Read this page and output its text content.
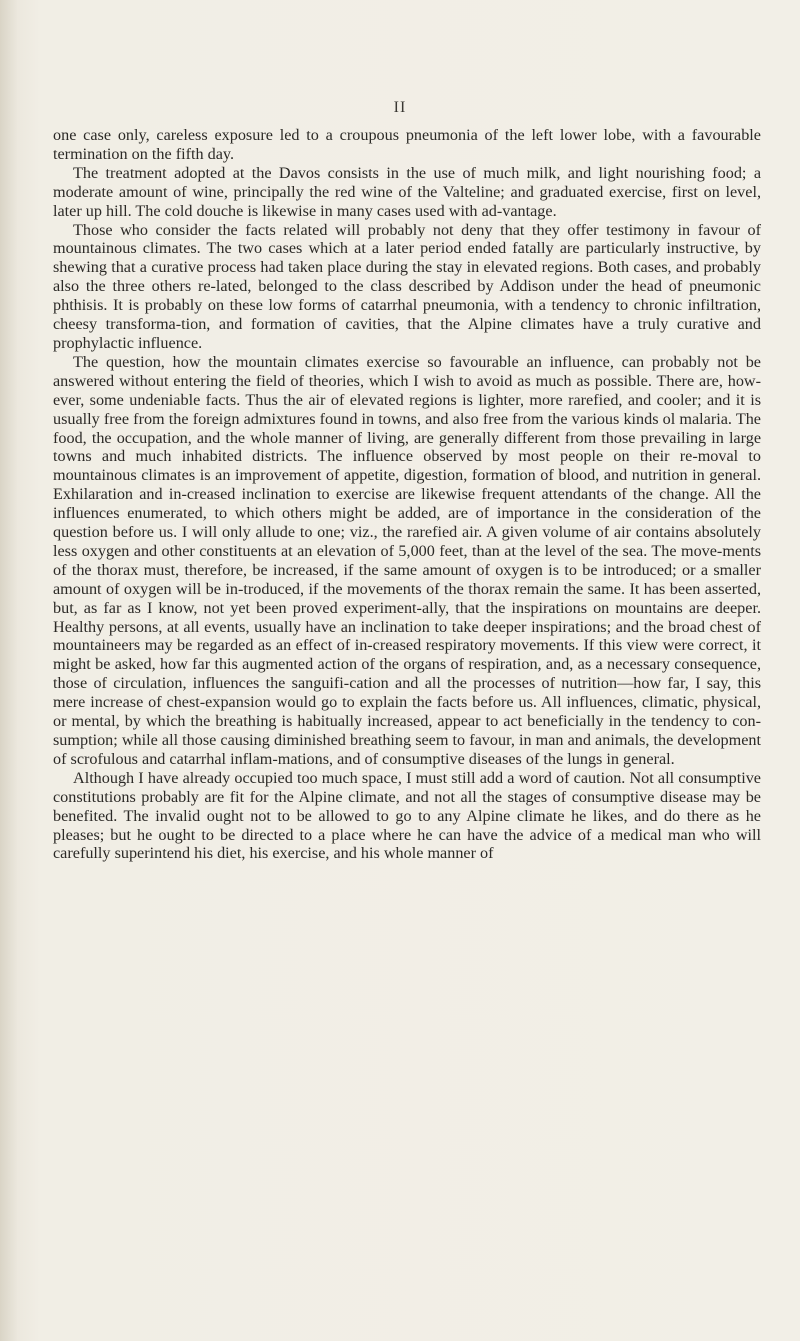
II

one case only, careless exposure led to a croupous pneumonia of the left lower lobe, with a favourable termination on the fifth day.

The treatment adopted at the Davos consists in the use of much milk, and light nourishing food; a moderate amount of wine, principally the red wine of the Valteline; and graduated exercise, first on level, later up hill. The cold douche is likewise in many cases used with ad-vantage.

Those who consider the facts related will probably not deny that they offer testimony in favour of mountainous climates. The two cases which at a later period ended fatally are particularly instructive, by shewing that a curative process had taken place during the stay in elevated regions. Both cases, and probably also the three others re-lated, belonged to the class described by Addison under the head of pneumonic phthisis. It is probably on these low forms of catarrhal pneumonia, with a tendency to chronic infiltration, cheesy transforma-tion, and formation of cavities, that the Alpine climates have a truly curative and prophylactic influence.

The question, how the mountain climates exercise so favourable an influence, can probably not be answered without entering the field of theories, which I wish to avoid as much as possible. There are, how-ever, some undeniable facts. Thus the air of elevated regions is lighter, more rarefied, and cooler; and it is usually free from the foreign admixtures found in towns, and also free from the various kinds ol malaria. The food, the occupation, and the whole manner of living, are generally different from those prevailing in large towns and much inhabited districts. The influence observed by most people on their re-moval to mountainous climates is an improvement of appetite, digestion, formation of blood, and nutrition in general. Exhilaration and in-creased inclination to exercise are likewise frequent attendants of the change. All the influences enumerated, to which others might be added, are of importance in the consideration of the question before us. I will only allude to one; viz., the rarefied air. A given volume of air contains absolutely less oxygen and other constituents at an elevation of 5,000 feet, than at the level of the sea. The move-ments of the thorax must, therefore, be increased, if the same amount of oxygen is to be introduced; or a smaller amount of oxygen will be in-troduced, if the movements of the thorax remain the same. It has been asserted, but, as far as I know, not yet been proved experiment-ally, that the inspirations on mountains are deeper. Healthy persons, at all events, usually have an inclination to take deeper inspirations; and the broad chest of mountaineers may be regarded as an effect of in-creased respiratory movements. If this view were correct, it might be asked, how far this augmented action of the organs of respiration, and, as a necessary consequence, those of circulation, influences the sanguifi-cation and all the processes of nutrition—how far, I say, this mere increase of chest-expansion would go to explain the facts before us. All influences, climatic, physical, or mental, by which the breathing is habitually increased, appear to act beneficially in the tendency to con-sumption; while all those causing diminished breathing seem to favour, in man and animals, the development of scrofulous and catarrhal inflam-mations, and of consumptive diseases of the lungs in general.

Although I have already occupied too much space, I must still add a word of caution. Not all consumptive constitutions probably are fit for the Alpine climate, and not all the stages of consumptive disease may be benefited. The invalid ought not to be allowed to go to any Alpine climate he likes, and do there as he pleases; but he ought to be directed to a place where he can have the advice of a medical man who will carefully superintend his diet, his exercise, and his whole manner of
